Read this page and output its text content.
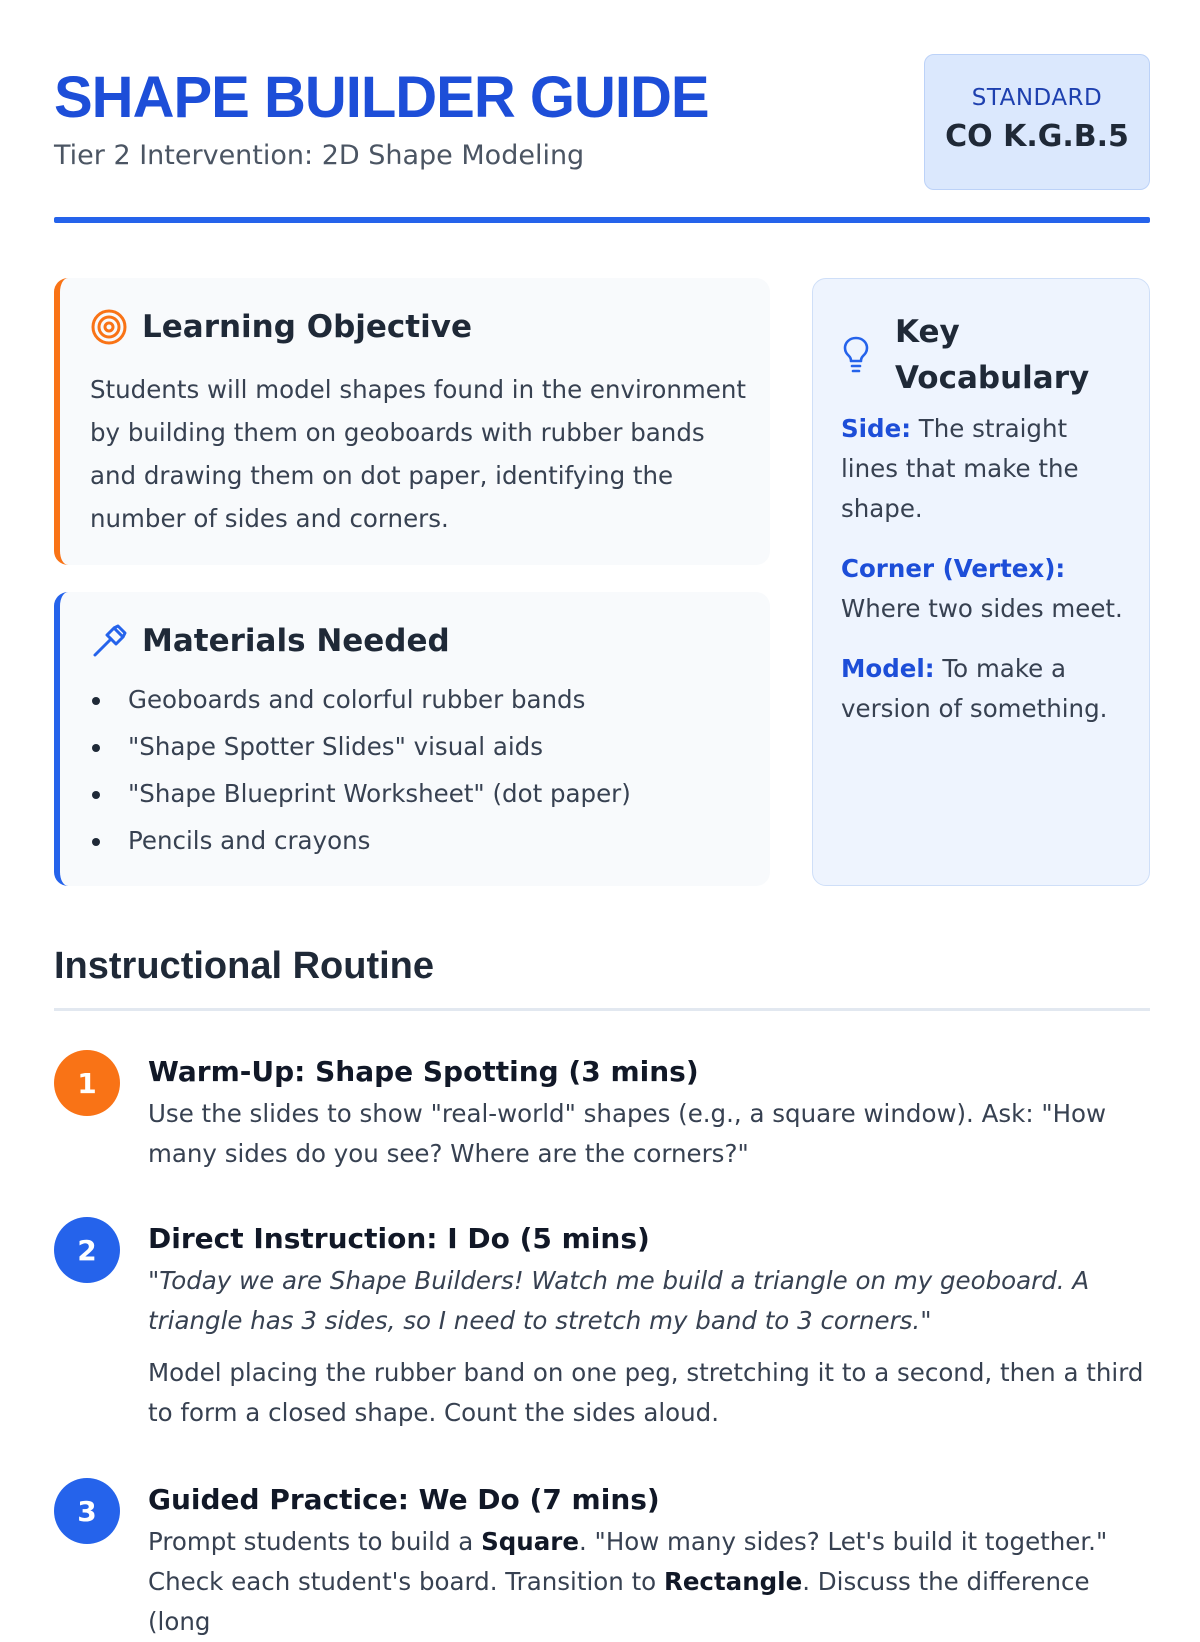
SHAPE BUILDER GUIDE
Tier 2 Intervention: 2D Shape Modeling
STANDARD
CO K.G.B.5
Learning Objective

Students will model shapes found in the environment by building them on geoboards with rubber bands and drawing them on dot paper, identifying the number of sides and corners.

Materials Needed
Geoboards and colorful rubber bands
"Shape Spotter Slides" visual aids
"Shape Blueprint Worksheet" (dot paper)
Pencils and crayons
Key Vocabulary

Side: The straight lines that make the shape.

Corner (Vertex):
Where two sides meet.

Model: To make a version of something.

Instructional Routine
1	Warm-Up: Shape Spotting (3 mins)

Use the slides to show "real-world" shapes (e.g., a square window). Ask: "How many sides do you see? Where are the corners?"

2	Direct Instruction: I Do (5 mins)

"Today we are Shape Builders! Watch me build a triangle on my geoboard. A triangle has 3 sides, so I need to stretch my band to 3 corners."

Model placing the rubber band on one peg, stretching it to a second, then a third to form a closed shape. Count the sides aloud.

3	Guided Practice: We Do (7 mins)

Prompt students to build a Square. "How many sides? Let's build it together." Check each student's board. Transition to Rectangle. Discuss the difference (long
